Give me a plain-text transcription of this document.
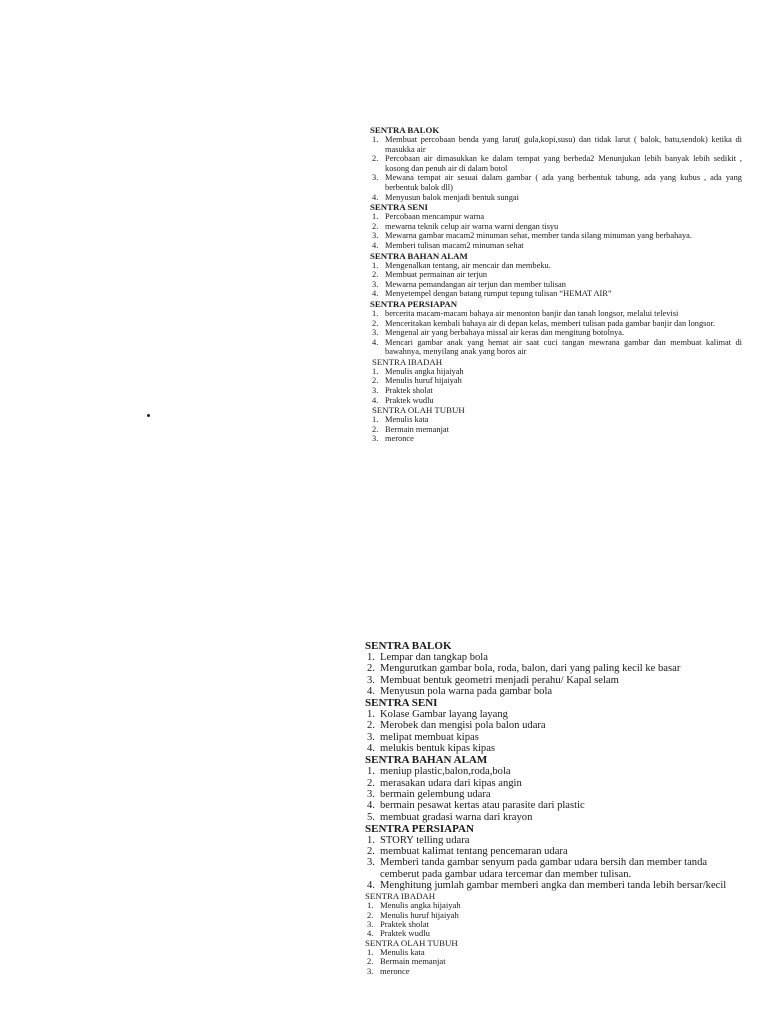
SENTRA BALOK
1. Membuat percobaan benda yang larut( gula,kopi,susu) dan tidak larut ( balok, batu,sendok) ketika di masukka air
2. Percobaan air dimasukkan ke dalam tempat yang berbeda2 Menunjukan lebih banyak lebih sedikit , kosong dan penuh air di dalam botol
3. Mewana tempat air sesuai dalam gambar ( ada yang berbentuk tabung, ada yang kubus , ada yang berbentuk balok dll)
4. Menyusun balok menjadi bentuk sungai
SENTRA SENI
1. Percobaan mencampur warna
2. mewarna teknik celup air warna warni dengan tisyu
3. Mewarna gambar macam2 minuman sehat, member tanda silang minuman yang berbahaya.
4. Memberi tulisan macam2 minuman sehat
SENTRA BAHAN ALAM
1. Mengenalkan tentang, air mencair dan membeku.
2. Membuat permainan air terjun
3. Mewarna pemandangan air terjun dan member tulisan
4. Menyetempel dengan batang rumput tepung tulisan “HEMAT AIR”
SENTRA PERSIAPAN
1. bercerita macam-macam bahaya air menonton banjir dan tanah longsor, melalui televisi
2. Menceritakan kembali bahaya air di depan kelas, memberi tulisan pada gambar banjir dan longsor.
3. Mengenal air yang berbahaya missal air keras dan mengitung botolnya.
4. Mencari gambar anak yang hemat air saat cuci tangan mewrana gambar dan membuat kalimat di bawahnya, menyilang anak yang boros air
SENTRA IBADAH
1. Menulis angka hijaiyah
2. Menulis huruf hijaiyah
3. Praktek sholat
4. Praktek wudlu
SENTRA OLAH TUBUH
1. Menulis kata
2. Bermain memanjat
3. meronce
SENTRA BALOK
1. Lempar dan tangkap bola
2. Mengurutkan gambar bola, roda, balon, dari yang paling kecil ke basar
3. Membuat bentuk geometri menjadi perahu/ Kapal selam
4. Menyusun pola warna pada gambar bola
SENTRA SENI
1. Kolase Gambar layang layang
2. Merobek dan mengisi pola balon udara
3. melipat membuat kipas
4. melukis bentuk kipas kipas
SENTRA BAHAN ALAM
1. meniup plastic,balon,roda,bola
2. merasakan udara dari kipas angin
3. bermain gelembung udara
4. bermain pesawat kertas atau parasite dari plastic
5. membuat gradasi warna dari krayon
SENTRA PERSIAPAN
1. STORY telling udara
2. membuat kalimat tentang pencemaran udara
3. Memberi tanda gambar senyum pada gambar udara bersih dan member tanda cemberut pada gambar udara tercemar dan member tulisan.
4. Menghitung jumlah gambar memberi angka dan memberi tanda lebih bersar/kecil
SENTRA IBADAH
1. Menulis angka hijaiyah
2. Menulis huruf hijaiyah
3. Praktek sholat
4. Praktek wudlu
SENTRA OLAH TUBUH
1. Menulis kata
2. Bermain memanjat
3. meronce
